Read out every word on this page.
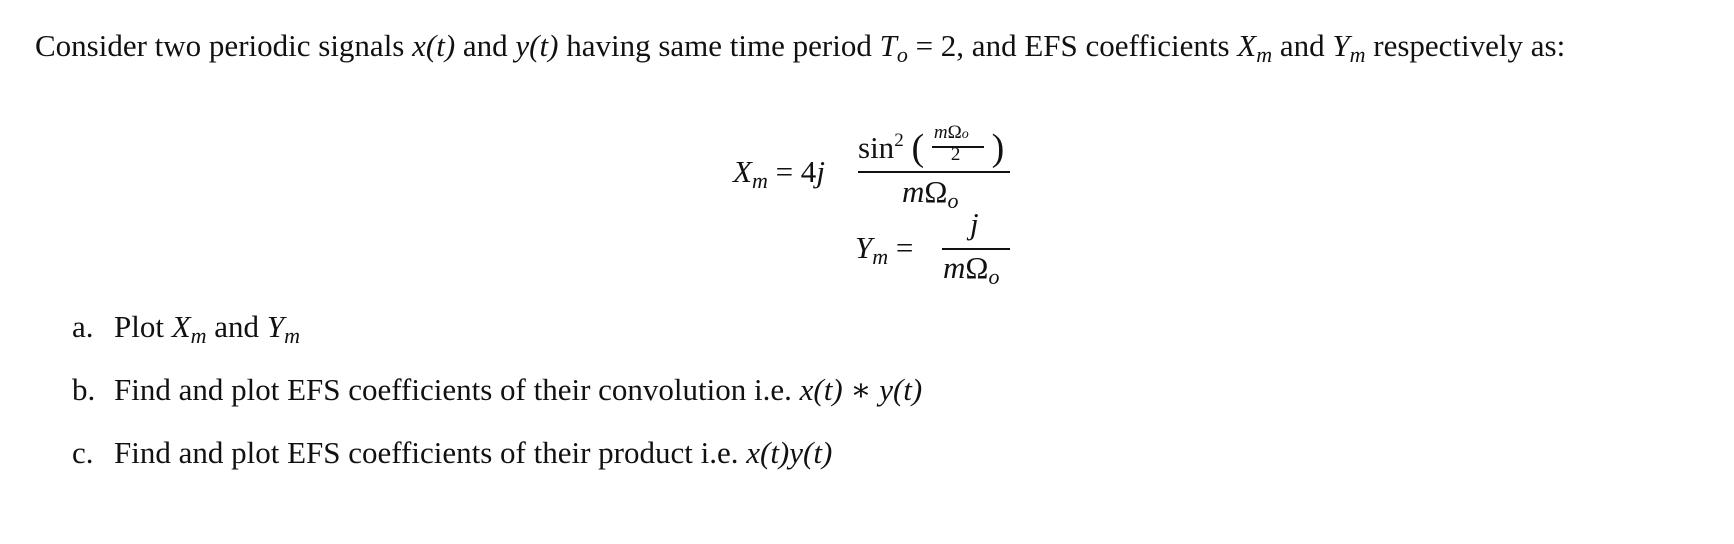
Consider two periodic signals x(t) and y(t) having same time period To = 2, and EFS coefficients Xm and Ym respectively as:
Xm = 4j
$\sin^2$ ( mΩo
2 )
mΩo
Ym =
j
mΩo
a. Plot Xm and Ym
b. Find and plot EFS coefficients of their convolution i.e. x(t) ∗ y(t)
c. Find and plot EFS coefficients of their product i.e. x(t)y(t)
